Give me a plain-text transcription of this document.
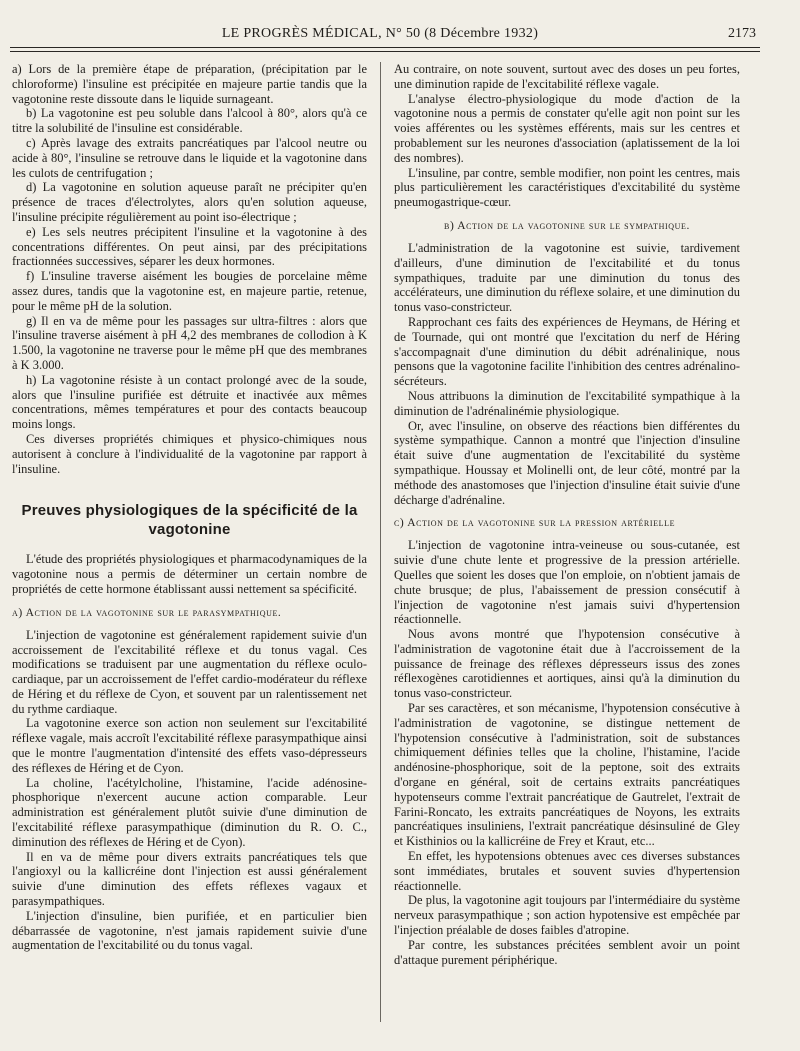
LE PROGRÈS MÉDICAL, N° 50 (8 Décembre 1932)	2173

a) Lors de la première étape de préparation, (précipitation par le chloroforme) l'insuline est précipitée en majeure partie tandis que la vagotonine reste dissoute dans le liquide surnageant.

b) La vagotonine est peu soluble dans l'alcool à 80°, alors qu'à ce titre la solubilité de l'insuline est considérable.

c) Après lavage des extraits pancréatiques par l'alcool neutre ou acide à 80°, l'insuline se retrouve dans le liquide et la vagotonine dans les culots de centrifugation ;

d) La vagotonine en solution aqueuse paraît ne précipiter qu'en présence de traces d'électrolytes, alors qu'en solution aqueuse, l'insuline précipite régulièrement au point iso-électrique ;

e) Les sels neutres précipitent l'insuline et la vagotonine à des concentrations différentes. On peut ainsi, par des précipitations fractionnées successives, séparer les deux hormones.

f) L'insuline traverse aisément les bougies de porcelaine même assez dures, tandis que la vagotonine est, en majeure partie, retenue, pour le même pH de la solution.

g) Il en va de même pour les passages sur ultra-filtres : alors que l'insuline traverse aisément à pH 4,2 des membranes de collodion à K 1.500, la vagotonine ne traverse pour le même pH que des membranes à K 3.000.

h) La vagotonine résiste à un contact prolongé avec de la soude, alors que l'insuline purifiée est détruite et inactivée aux mêmes concentrations, mêmes températures et pour des contacts beaucoup moins longs.

Ces diverses propriétés chimiques et physico-chimiques nous autorisent à conclure à l'individualité de la vagotonine par rapport à l'insuline.

Preuves physiologiques de la spécificité de la vagotonine

L'étude des propriétés physiologiques et pharmacodynamiques de la vagotonine nous a permis de déterminer un certain nombre de propriétés de cette hormone établissant aussi nettement sa spécificité.

a) Action de la vagotonine sur le parasympathique.

L'injection de vagotonine est généralement rapidement suivie d'un accroissement de l'excitabilité réflexe et du tonus vagal. Ces modifications se traduisent par une augmentation du réflexe oculo-cardiaque, par un accroissement de l'effet cardio-modérateur du réflexe de Héring et du réflexe de Cyon, et souvent par un ralentissement net du rythme cardiaque.

La vagotonine exerce son action non seulement sur l'excitabilité réflexe vagale, mais accroît l'excitabilité réflexe parasympathique ainsi que le montre l'augmentation d'intensité des effets vaso-dépresseurs des réflexes de Héring et de Cyon.

La choline, l'acétylcholine, l'histamine, l'acide adénosine-phosphorique n'exercent aucune action comparable. Leur administration est généralement plutôt suivie d'une diminution de l'excitabilité réflexe parasympathique (diminution du R. O. C., diminution des réflexes de Héring et de Cyon).

Il en va de même pour divers extraits pancréatiques tels que l'angioxyl ou la kallicréine dont l'injection est aussi généralement suivie d'une diminution des effets réflexes vagaux et parasympathiques.

L'injection d'insuline, bien purifiée, et en particulier bien débarrassée de vagotonine, n'est jamais rapidement suivie d'une augmentation de l'excitabilité ou du tonus vagal.

Au contraire, on note souvent, surtout avec des doses un peu fortes, une diminution rapide de l'excitabilité réflexe vagale.

L'analyse électro-physiologique du mode d'action de la vagotonine nous a permis de constater qu'elle agit non point sur les voies afférentes ou les systèmes efférents, mais sur les centres et probablement sur les neurones d'association (aplatissement de la loi des nombres).

L'insuline, par contre, semble modifier, non point les centres, mais plus particulièrement les caractéristiques d'excitabilité du système pneumogastrique-cœur.

b) Action de la vagotonine sur le sympathique.

L'administration de la vagotonine est suivie, tardivement d'ailleurs, d'une diminution de l'excitabilité et du tonus sympathiques, traduite par une diminution du tonus des accélérateurs, une diminution du réflexe solaire, et une diminution du tonus vaso-constricteur.

Rapprochant ces faits des expériences de Heymans, de Héring et de Tournade, qui ont montré que l'excitation du nerf de Héring s'accompagnait d'une diminution du débit adrénalinique, nous pensons que la vagotonine facilite l'inhibition des centres adrénalino-sécréteurs.

Nous attribuons la diminution de l'excitabilité sympathique à la diminution de l'adrénalinémie physiologique.

Or, avec l'insuline, on observe des réactions bien différentes du système sympathique. Cannon a montré que l'injection d'insuline était suive d'une augmentation de l'excitabilité du système sympathique. Houssay et Molinelli ont, de leur côté, montré par la méthode des anastomoses que l'injection d'insuline était suivie d'une décharge d'adrénaline.

c) Action de la vagotonine sur la pression artérielle

L'injection de vagotonine intra-veineuse ou sous-cutanée, est suivie d'une chute lente et progressive de la pression artérielle. Quelles que soient les doses que l'on emploie, on n'obtient jamais de chute brusque; de plus, l'abaissement de pression consécutif à l'injection de vagotonine n'est jamais suivi d'hypertension réactionnelle.

Nous avons montré que l'hypotension consécutive à l'administration de vagotonine était due à l'accroissement de la puissance de freinage des réflexes dépresseurs issus des zones réflexogènes carotidiennes et aortiques, ainsi qu'à la diminution du tonus vaso-constricteur.

Par ses caractères, et son mécanisme, l'hypotension consécutive à l'administration de vagotonine, se distingue nettement de l'hypotension consécutive à l'administration, soit de substances chimiquement définies telles que la choline, l'histamine, l'acide andénosine-phosphorique, soit de la peptone, soit des extraits d'organe en général, soit de certains extraits pancréatiques hypotenseurs comme l'extrait pancréatique de Gautrelet, l'extrait de Farini-Roncato, les extraits pancréatiques de Noyons, les extraits pancréatiques insuliniens, l'extrait pancréatique désinsuliné de Gley et Kisthinios ou la kallicréine de Frey et Kraut, etc...

En effet, les hypotensions obtenues avec ces diverses substances sont immédiates, brutales et souvent suvies d'hypertension réactionnelle.

De plus, la vagotonine agit toujours par l'intermédiaire du système nerveux parasympathique ; son action hypotensive est empêchée par l'injection préalable de doses faibles d'atropine.

Par contre, les substances précitées semblent avoir un point d'attaque purement périphérique.
